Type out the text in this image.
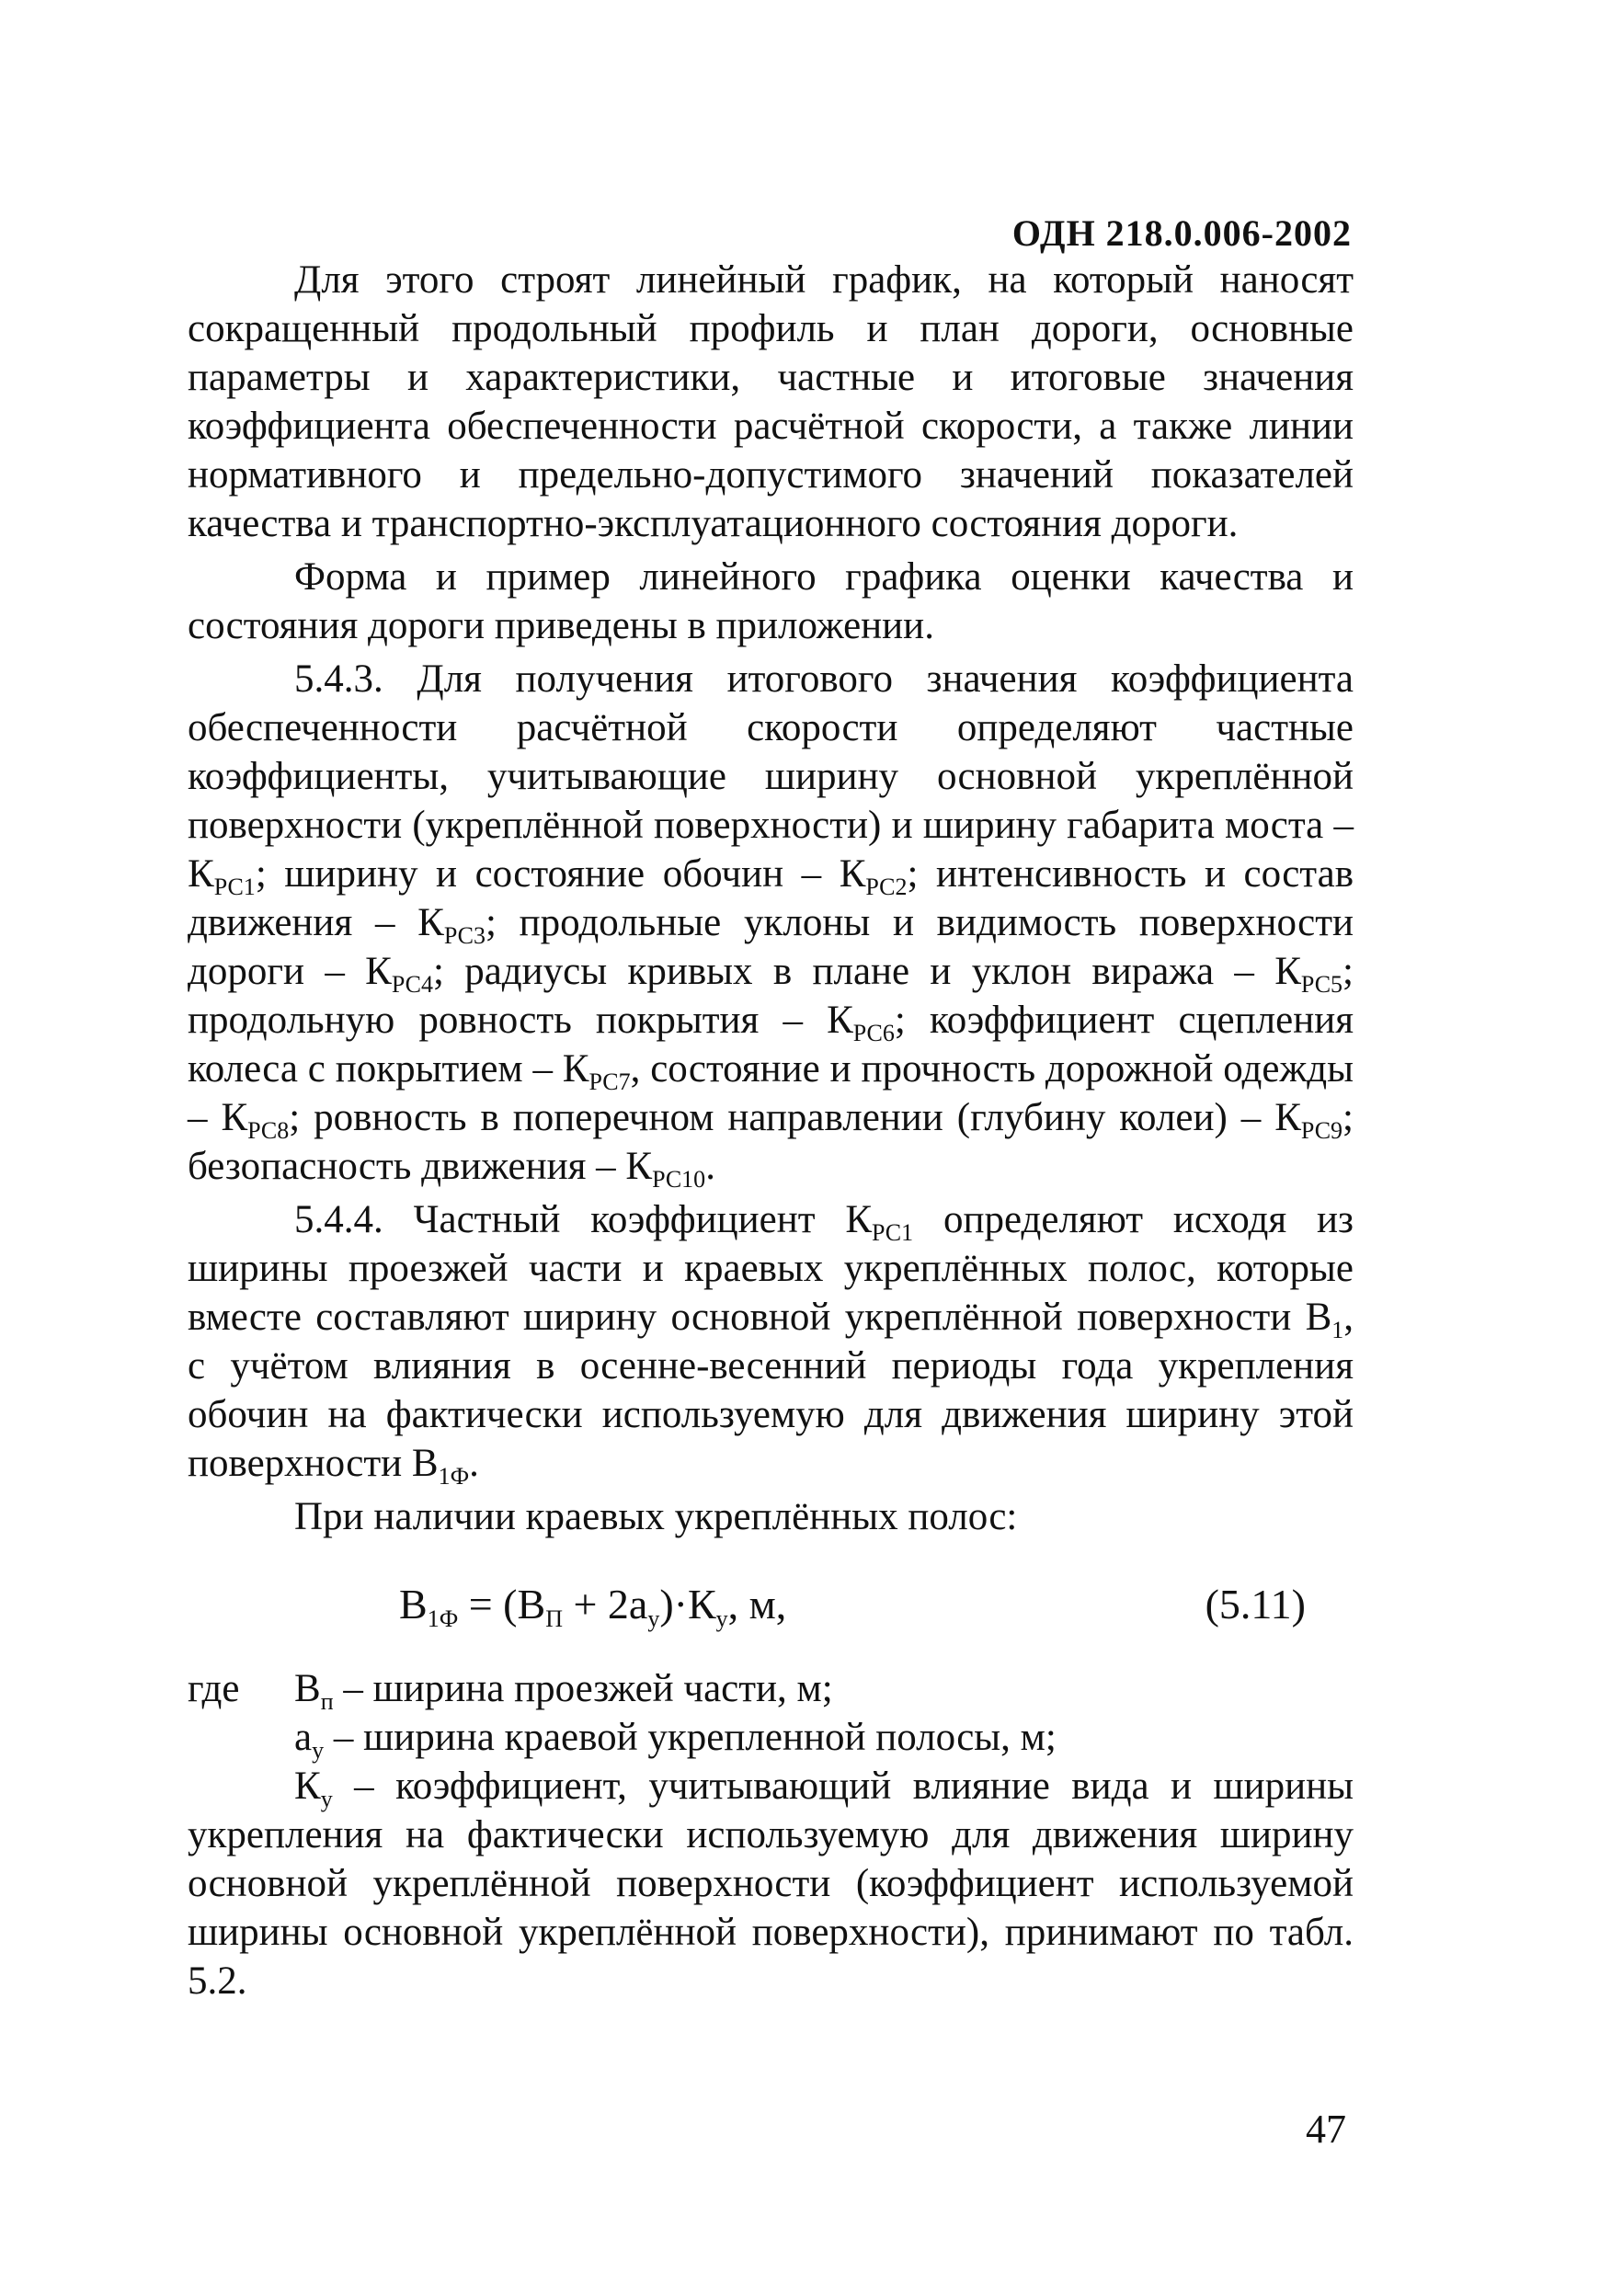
ОДН 218.0.006-2002

Для этого строят линейный график, на который наносят сокращенный продольный профиль и план дороги, основные параметры и характеристики, частные и итоговые значения коэффициента обеспеченности расчётной скорости, а также линии нормативного и предельно-допустимого значений показателей качества и транспортно-эксплуатационного состояния дороги.

Форма и пример линейного графика оценки качества и состояния дороги приведены в приложении.

5.4.3. Для получения итогового значения коэффициента обеспеченности расчётной скорости определяют частные коэффициенты, учитывающие ширину основной укреплённой поверхности (укреплённой поверхности) и ширину габарита моста – $К_{РС1}$; ширину и состояние обочин – $К_{РС2}$; интенсивность и состав движения – $К_{РС3}$; продольные уклоны и видимость поверхности дороги – $К_{РС4}$; радиусы кривых в плане и уклон виража – $К_{РС5}$; продольную ровность покрытия – $К_{РС6}$; коэффициент сцепления колеса с покрытием – $К_{РС7}$, состояние и прочность дорожной одежды – $К_{РС8}$; ровность в поперечном направлении (глубину колеи) – $К_{РС9}$; безопасность движения – $К_{РС10}$.

5.4.4. Частный коэффициент $К_{РС1}$ определяют исходя из ширины проезжей части и краевых укреплённых полос, которые вместе составляют ширину основной укреплённой поверхности $В_1$, с учётом влияния в осенне-весенний периоды года укрепления обочин на фактически используемую для движения ширину этой поверхности $В_{1Ф}$.

При наличии краевых укреплённых полос:

$В_{1Ф} = (В_П + 2a_у)\cdot К_у$, м,	(5.11)

где $В_п$ – ширина проезжей части, м;

$a_у$ – ширина краевой укрепленной полосы, м;

$К_у$ – коэффициент, учитывающий влияние вида и ширины укрепления на фактически используемую для движения ширину основной укреплённой поверхности (коэффициент используемой ширины основной укреплённой поверхности), принимают по табл. 5.2.

47
